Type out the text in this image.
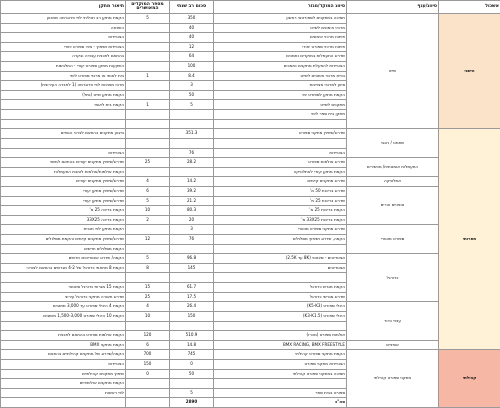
אשכול	סיווג/ענף	סיווג המוקד/מגזר	סכום רב שנתי	מספר המוקדים המאושרים	תיאור מתקן
הישגי	שייט	תמיכה במתקנים לספורטאי ראשון	350	5	הקמת מתקן רב תכליתי לפי פרוגרמה שתכוון
		מרכזי אימונים לשייט	40		השכחה
		פיתוח מרכזי אימונים	40		הצטיידות
		פיתוח מרכזי ספורט יחודי	12		הצטיידות ושיפוץ - ציוד ספורט יחודי
		שדרוג התעמלות במוקדים נתמכים	64		בהתאם לתכנית עבודה ובקרה
		הצטיידות להפעלת מתקנים נתמכים	100		השקעות מתקן ספורט יעודי - התלבשות
		בניית מרכזי אימונים לשייט	8.4	1	בית לאומי או מרכזי ספורט לימי
		סיוע למרכזי מצויינות	3		מרכז מצוינות לפי פרוגרמה (1 לחברה העירונית)
		הקמת מתקן לספורט ימי	50		הקמת מתקן שייט (נמל)
		מתקנים לשייט	5	1	הקמת בית לאומי
		מתקן בית ספר לימי			

תחרותי	שחמט / רוגבי	שדרוג/שיפוץ מתקני ספורט	351.3		ביצוע מתקנים בהתאם לצרכי הגופים

		הצטיידות	76		הצטיידות
	התעמלות אומנותית/ מכשירים	שדרוג אולמות ספורט	28.2	25	שדרוג/שיפוץ מתקנים יעודים בהתאם למשוי
		הקמת מתקן יעודי לאתלטיקה			הקמת אולמות/אולמות לטובת התעמלות
	אתלטיקה	שדרוג מתקנים קיימים	14.2	4	שדרוג/שיפוץ מתקנים יעודים
	אופניים והרים	שדרוג בריכות 50 מ'	39.2	6	שדרוג/שיפוץ מתקן יעודי
		שדרוג בריכות 25 מ'	21.2	5	שדרוג/שיפוץ מתקן יעודי
		הקמת בריכות 25 מ'	80.3	10	הקמת בריכה 25 מ'
		הקמת בריכות 33X25 מ'	20	2	הקמת בריכה 33X25
	ספורט מוטורי	שדרוג מתקני ספורט מוטורי	3		הקמת מתקן לפי תכנית
		הקמה, שדרוג ושיפוץ מסלולים	76	12	שדרוג/שיפוץ מתקנים קיימים והקמת מסלולים
					הקמת מסלולים חדשים
	כדורגל	אצטדיונים - סינטטי (8K עד 2.5K)	96.8	5	הקמה/ שדרוג אצטדיונים חדשים
		אצטדיונים	145	8	הקמת 8 מתחמי כדורגל של 4-2 מגרשים בהתאם לצורכי

		הקמת מגרש כדורגל	61.7	15	הקמת 15 מגרשי כדורגל סינטטי
		שדרוג מגרשי כדורגל	17.5	25	שדרוג תאורה מתקני כדורגל עירוני
	ענפי כדור	היכלי ספורט (K5-K3)	26.4	4	הקמת 4 היכלי ספורט עד 3,000 מושבים
		היכלי ספורט (K3-K1.5)	150	10	הקמת 10 היכלי ספורט 1,500-3,000 מושבים

		אולמות ספורט (מכרז)	510.9	120	הקמת אולמות ספורט בהתאם לתכנית
	אופניים	BMX RACING, BMX FREESTYLE	14.8	6	הקמת מתקני BMX
קהילתי	מתקני ספורט קהילתי	הקמת מתקני ספורט קהילתי	745	700	הקמה/שדרוג של מתקנים קהילתיים בהתאם
		הצטיידות מתקני ספורט	0	150	הצטיידות
		תמיכה במתקני ספורט קהילתי	50	0	שיפוץ מתקנים קהילתיים
					הקמת מתקנים אולימפיים
		ספורט בבית ספר	5		לפי ראשות
		סה"כ	2890		
